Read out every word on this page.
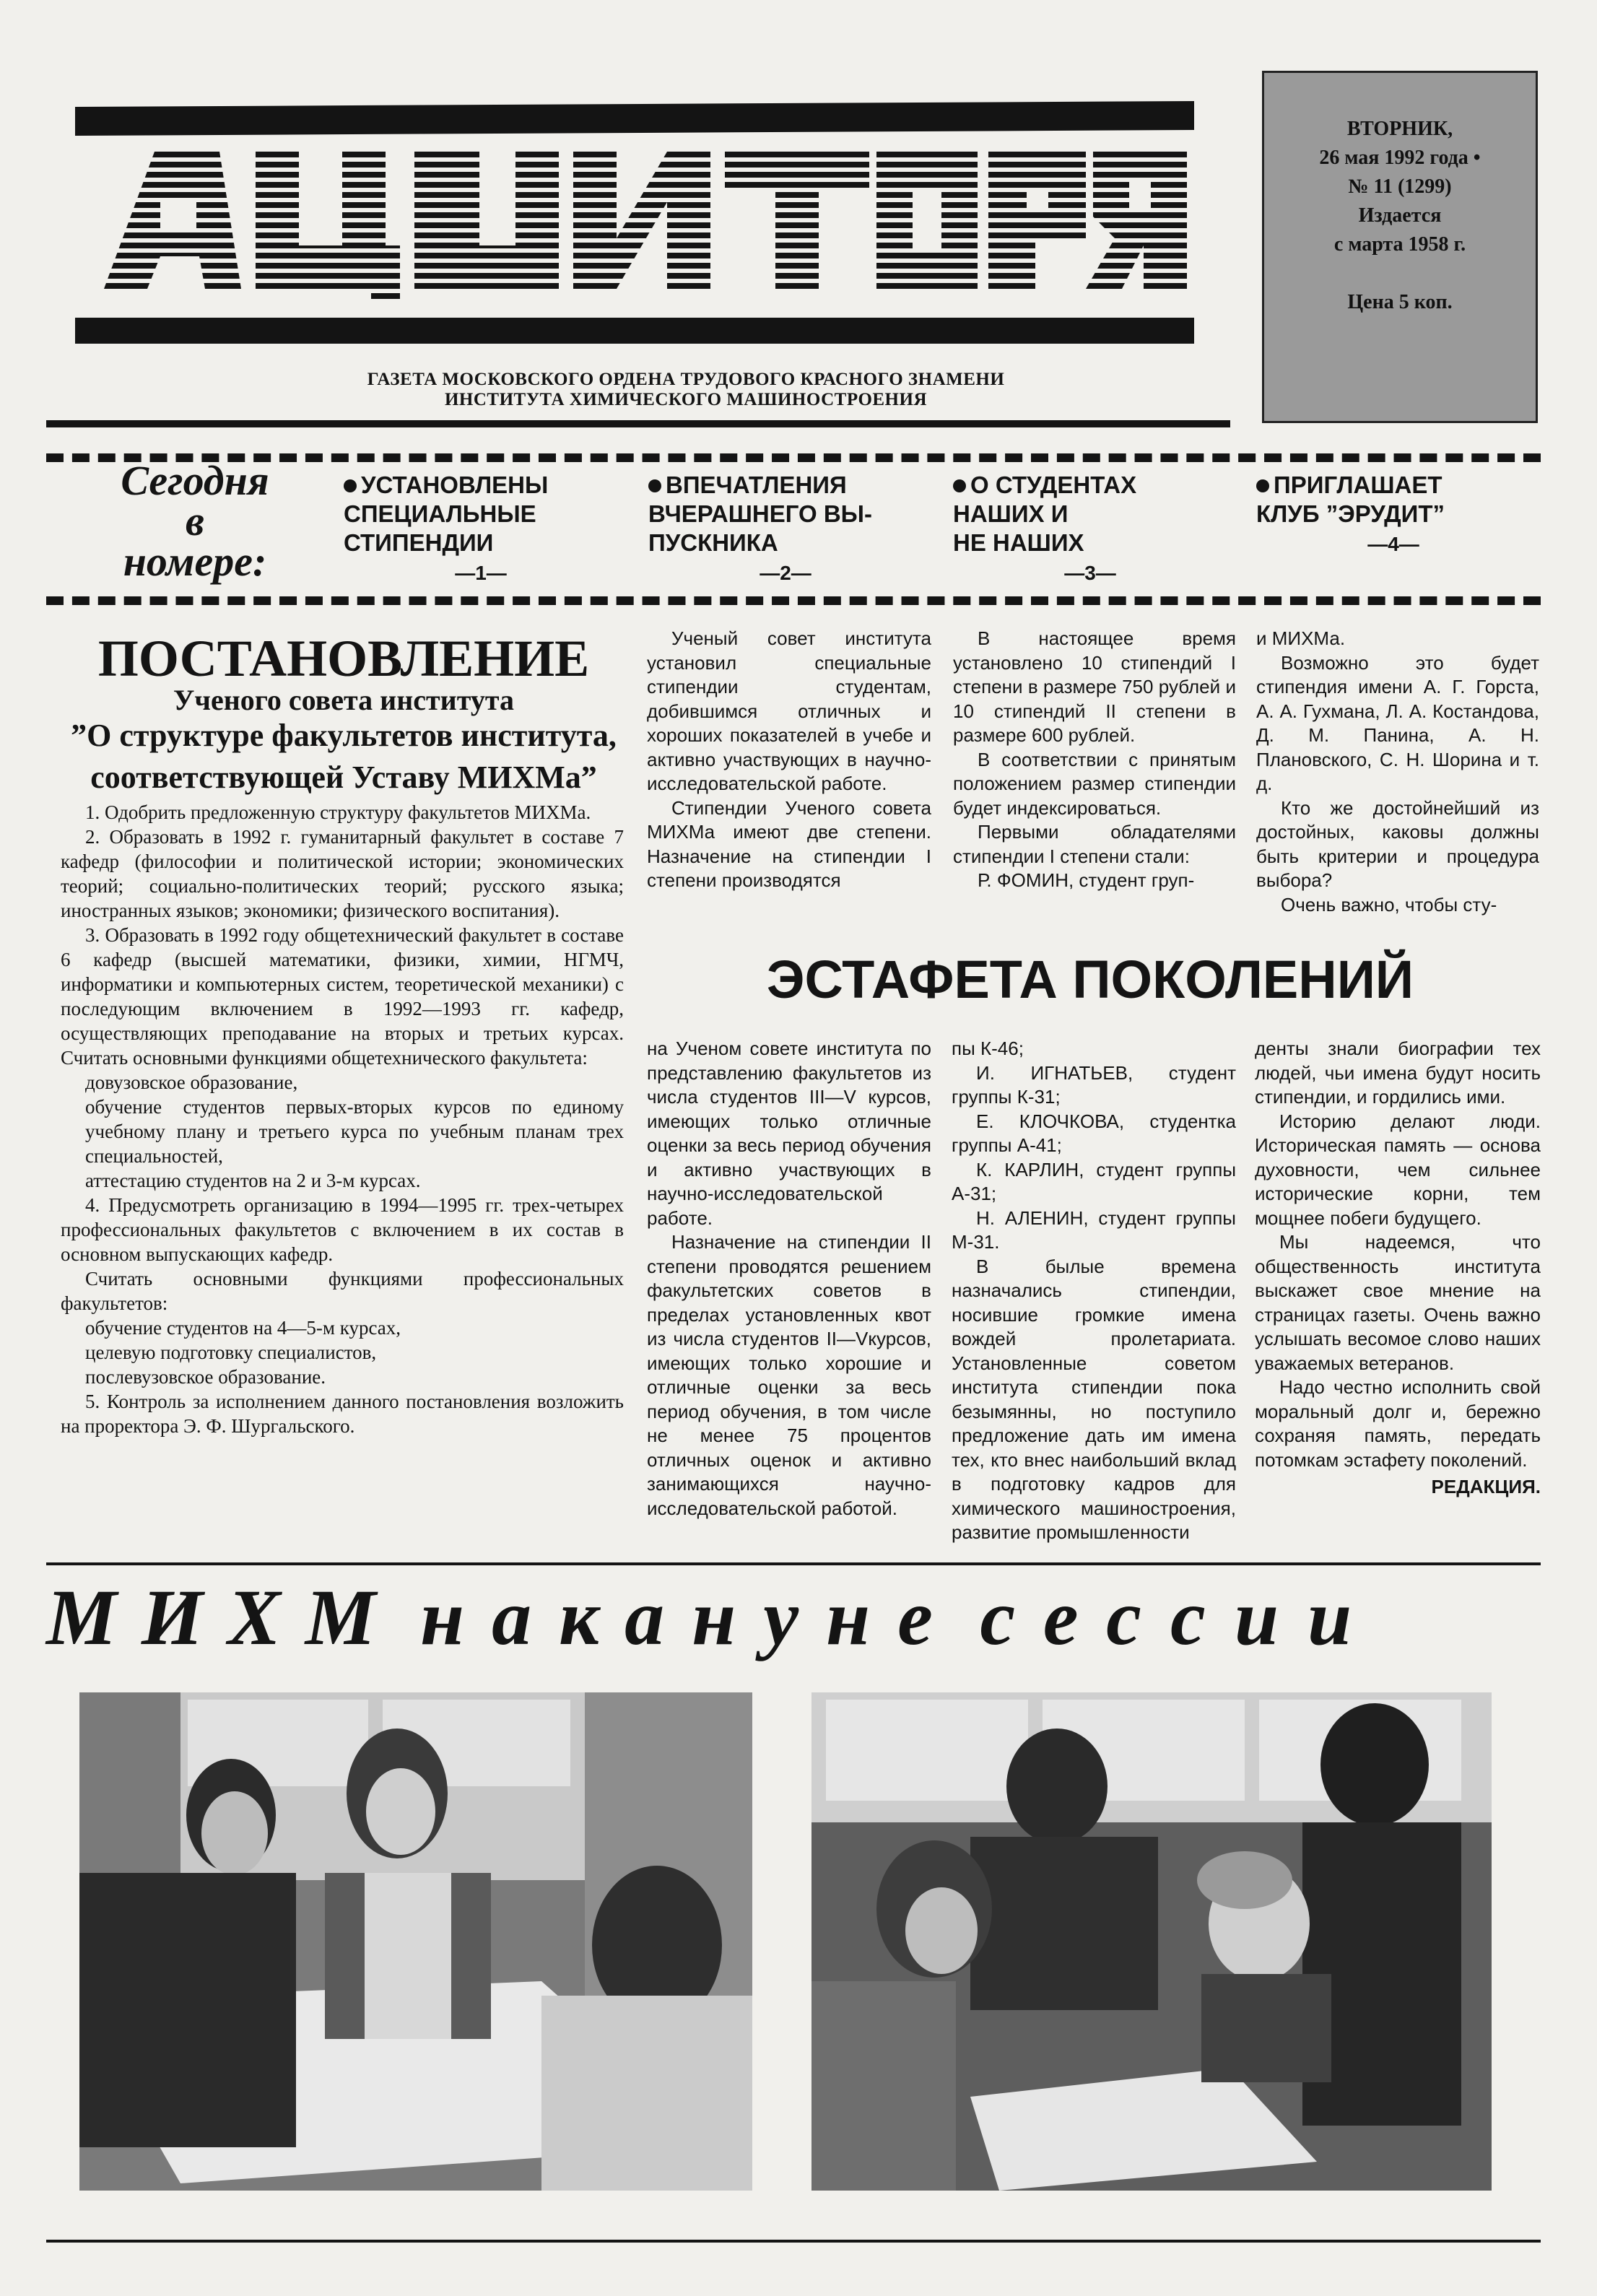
ВТОРНИК,
26 мая 1992 года •
№ 11 (1299)
Издается
с марта 1958 г.
Цена 5 коп.
ГАЗЕТА МОСКОВСКОГО ОРДЕНА ТРУДОВОГО КРАСНОГО ЗНАМЕНИ
ИНСТИТУТА ХИМИЧЕСКОГО МАШИНОСТРОЕНИЯ
Сегодня
в
номере:
УСТАНОВЛЕНЫ
СПЕЦИАЛЬНЫЕ
СТИПЕНДИИ
—1—
ВПЕЧАТЛЕНИЯ
ВЧЕРАШНЕГО ВЫ-
ПУСКНИКА
—2—
О СТУДЕНТАХ
НАШИХ И
НЕ НАШИХ
—3—
ПРИГЛАШАЕТ
КЛУБ ”ЭРУДИТ”
—4—
ПОСТАНОВЛЕНИЕ
Ученого совета института
”О структуре факультетов института,
соответствующей Уставу МИХМа”

1. Одобрить предложенную структуру факультетов МИХМа.

2. Образовать в 1992 г. гуманитарный факультет в составе 7 кафедр (философии и политической истории; экономических теорий; социально-политических теорий; русского языка; иностранных языков; экономики; физического воспитания).

3. Образовать в 1992 году общетехнический факультет в составе 6 кафедр (высшей математики, физики, химии, НГМЧ, информатики и компьютерных систем, теоретической механики) с последующим включением в 1992—1993 гг. кафедр, осуществляющих преподавание на вторых и третьих курсах. Считать основными функциями общетехнического факультета:

довузовское образование,

обучение студентов первых-вторых курсов по единому учебному плану и третьего курса по учебным планам трех специальностей,

аттестацию студентов на 2 и 3-м курсах.

4. Предусмотреть организацию в 1994—1995 гг. трех-четырех профессиональных факультетов с включением в их состав в основном выпускающих кафедр.

Считать основными функциями профессиональных факультетов:

обучение студентов на 4—5-м курсах,

целевую подготовку специалистов,

послевузовское образование.

5. Контроль за исполнением данного постановления возложить на проректора Э. Ф. Шургальского.

Ученый совет института установил специальные стипендии студентам, добившимся отличных и хороших показателей в учебе и активно участвующих в научно-исследовательской работе.

Стипендии Ученого совета МИХМа имеют две степени. Назначение на стипендии I степени производятся

В настоящее время установлено 10 стипендий I степени в размере 750 рублей и 10 стипендий II степени в размере 600 рублей.

В соответствии с принятым положением размер стипендии будет индексироваться.

Первыми обладателями стипендии I степени стали:

Р. ФОМИН, студент груп-

и МИХМа.

Возможно это будет стипендия имени А. Г. Горста, А. А. Гухмана, Л. А. Костандова, Д. М. Панина, А. Н. Плановского, С. Н. Шорина и т. д.

Кто же достойнейший из достойных, каковы должны быть критерии и процедура выбора?

Очень важно, чтобы сту-

ЭСТАФЕТА ПОКОЛЕНИЙ

на Ученом совете института по представлению факультетов из числа студентов III—V курсов, имеющих только отличные оценки за весь период обучения и активно участвующих в научно-исследовательской работе.

Назначение на стипендии II степени проводятся решением факультетских советов в пределах установленных квот из числа студентов II—Vкурсов, имеющих только хорошие и отличные оценки за весь период обучения, в том числе не менее 75 процентов отличных оценок и активно занимающихся научно-исследовательской работой.

пы К-46;

И. ИГНАТЬЕВ, студент группы К-31;

Е. КЛОЧКОВА, студентка группы А-41;

К. КАРЛИН, студент группы А-31;

Н. АЛЕНИН, студент группы М-31.

В былые времена назначались стипендии, носившие громкие имена вождей пролетариата. Установленные советом института стипендии пока безымянны, но поступило предложение дать им имена тех, кто внес наибольший вклад в подготовку кадров для химического машиностроения, развитие промышленности

денты знали биографии тех людей, чьи имена будут носить стипендии, и гордились ими.

Историю делают люди. Историческая память — основа духовности, чем сильнее исторические корни, тем мощнее побеги будущего.

Мы надеемся, что общественность института выскажет свое мнение на страницах газеты. Очень важно услышать весомое слово наших уважаемых ветеранов.

Надо честно исполнить свой моральный долг и, бережно сохраняя память, передать потомкам эстафету поколений.

РЕДАКЦИЯ.
МИХМ накануне сессии
